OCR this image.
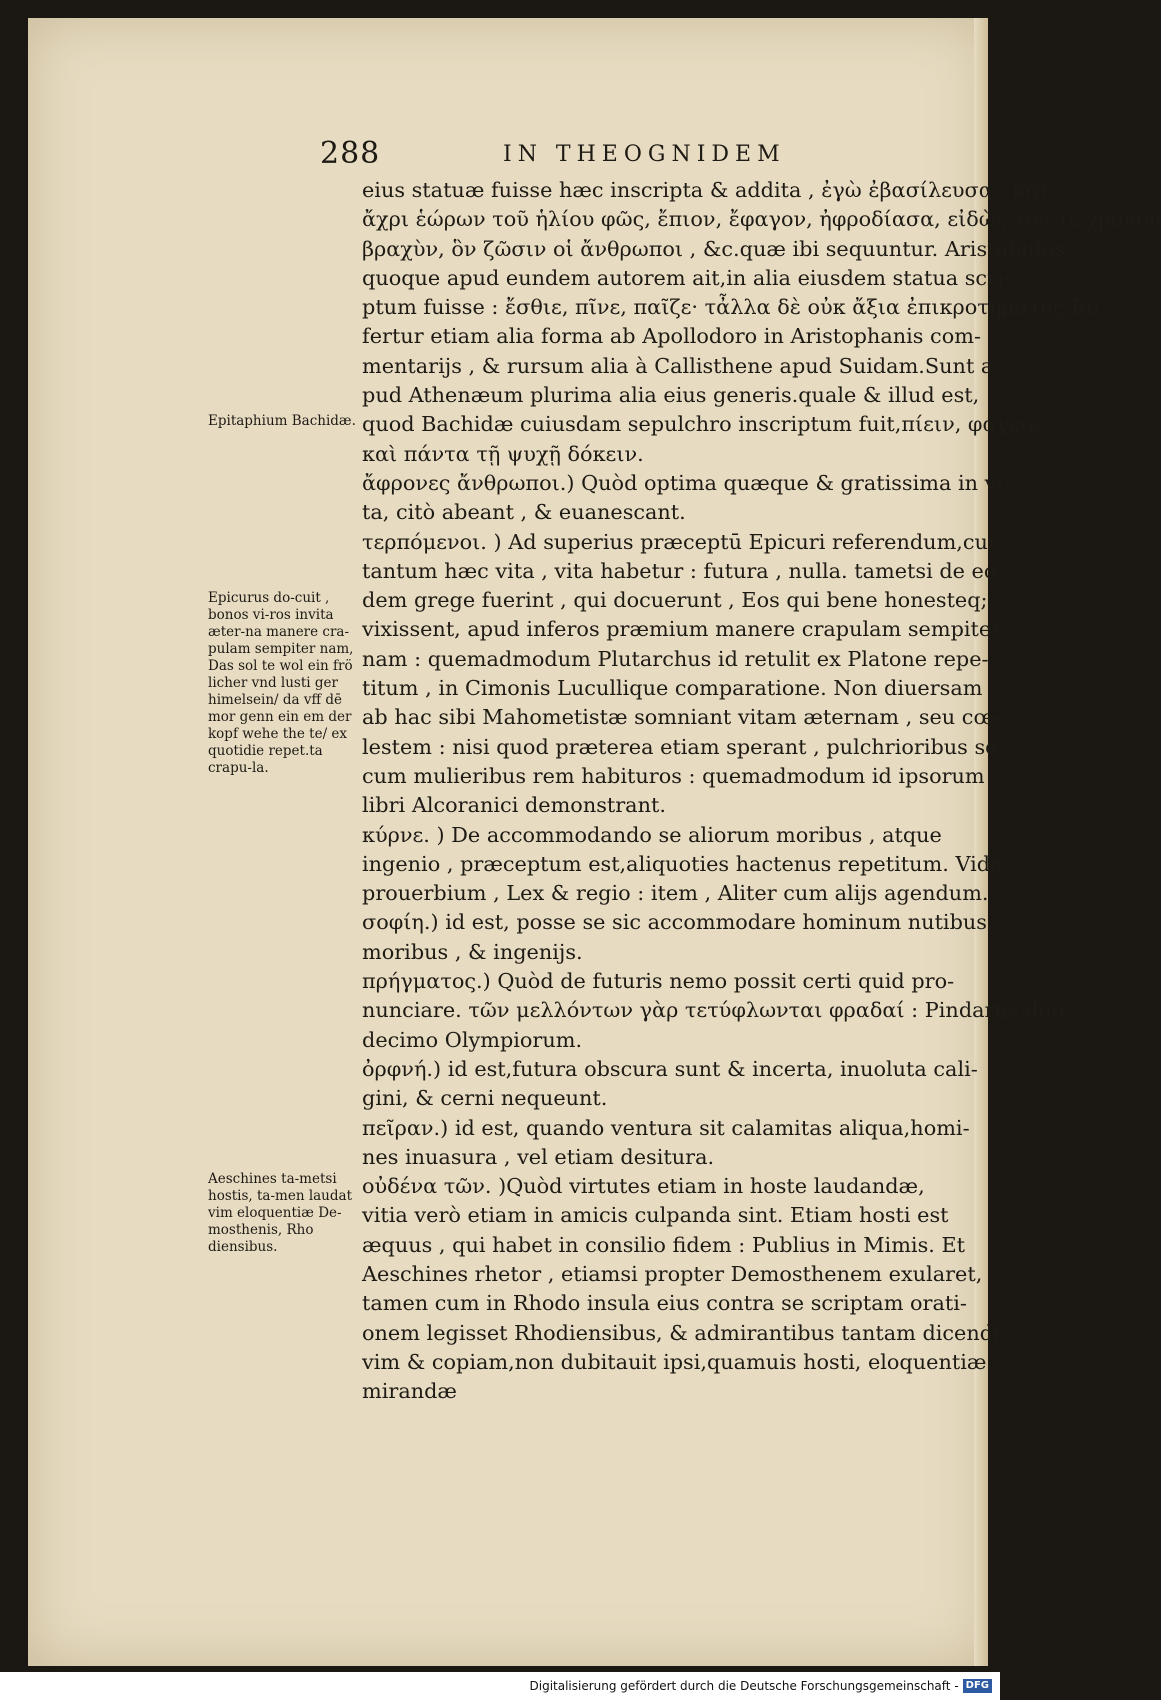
288	IN THEOGNIDEM
eius statuæ fuisse hæc inscripta & addita , ἐγὼ ἐβασίλευσα , καὶ
ἄχρι ἑώρων τοῦ ἡλίου φῶς, ἔπιον, ἔφαγον, ἠφροδίασα, εἰδὼς τὸν τε χρόνον
βραχὺν, ὃν ζῶσιν οἱ ἄνθρωποι , &c.quæ ibi sequuntur. Aristobulus
quoque apud eundem autorem ait,in alia eiusdem statua scri-
ptum fuisse : ἔσθιε, πῖνε, παῖζε· τἆλλα δὲ οὐκ ἄξια ἐπικροτήματος.Re
fertur etiam alia forma ab Apollodoro in Aristophanis com-
mentarijs , & rursum alia à Callisthene apud Suidam.Sunt a-
pud Athenæum plurima alia eius generis.quale & illud est,
quod Bachidæ cuiusdam sepulchro inscriptum fuit,πίειν, φάγειν,
καὶ πάντα τῇ ψυχῇ δόκειν.
ἄφρονες ἄνθρωποι.) Quòd optima quæque & gratissima in vi-
ta, citò abeant , & euanescant.
τερπόμενοι. ) Ad superius præceptū Epicuri referendum,cui
tantum hæc vita , vita habetur : futura , nulla. tametsi de eo-
dem grege fuerint , qui docuerunt , Eos qui bene honesteq;
vixissent, apud inferos præmium manere crapulam sempiter-
nam : quemadmodum Plutarchus id retulit ex Platone repe-
titum , in Cimonis Lucullique comparatione. Non diuersam
ab hac sibi Mahometistæ somniant vitam æternam , seu cœ-
lestem : nisi quod præterea etiam sperant , pulchrioribus se
cum mulieribus rem habituros : quemadmodum id ipsorum
libri Alcoranici demonstrant.
κύρνε. ) De accommodando se aliorum moribus , atque
ingenio , præceptum est,aliquoties hactenus repetitum. Vide
prouerbium , Lex & regio : item , Aliter cum alijs agendum.
σοφίη.) id est, posse se sic accommodare hominum nutibus,
moribus , & ingenijs.
πρήγματος.) Quòd de futuris nemo possit certi quid pro-
nunciare. τῶν μελλόντων γὰρ τετύφλωνται φραδαί : Pindarus duo-
decimo Olympiorum.
ὀρφνή.) id est,futura obscura sunt & incerta, inuoluta cali-
gini, & cerni nequeunt.
πεῖραν.) id est, quando ventura sit calamitas aliqua,homi-
nes inuasura , vel etiam desitura.
οὐδένα τῶν. )Quòd virtutes etiam in hoste laudandæ,
vitia verò etiam in amicis culpanda sint. Etiam hosti est
æquus , qui habet in consilio fidem : Publius in Mimis. Et
Aeschines rhetor , etiamsi propter Demosthenem exularet,
tamen cum in Rhodo insula eius contra se scriptam orati-
onem legisset Rhodiensibus, & admirantibus tantam dicendi
vim & copiam,non dubitauit ipsi,quamuis hosti, eloquentiæ
mirandæ
Epitaphium Bachidæ.
Epicurus do-cuit , bonos vi-ros invita æter-na manere cra-pulam sempiter nam, Das sol te wol ein frö licher vnd lusti ger himelsein/ da vff dē mor genn ein em der kopf wehe the te/ ex quotidie repet.ta crapu-la.
Aeschines ta-metsi hostis, ta-men laudat vim eloquentiæ De-mosthenis, Rho diensibus.
Digitalisierung gefördert durch die Deutsche Forschungsgemeinschaft - DFG
